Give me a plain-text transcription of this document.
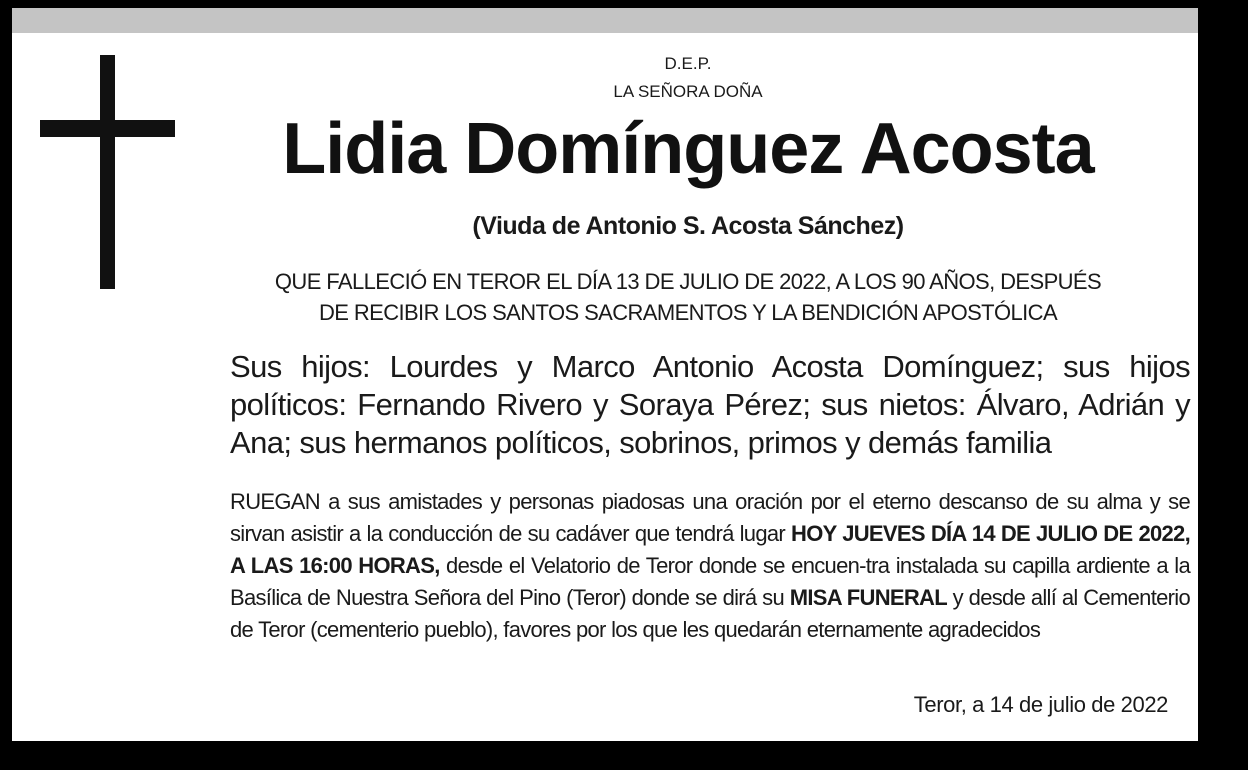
D.E.P.
LA SEÑORA DOÑA
Lidia Domínguez Acosta
(Viuda de Antonio S. Acosta Sánchez)
QUE FALLECIÓ EN TEROR EL DÍA 13 DE JULIO DE 2022, A LOS 90 AÑOS, DESPUÉS
DE RECIBIR LOS SANTOS SACRAMENTOS Y LA BENDICIÓN APOSTÓLICA
Sus hijos: Lourdes y Marco Antonio Acosta Domínguez; sus hijos políticos: Fernando Rivero y Soraya Pérez; sus nietos: Álvaro, Adrián y Ana; sus hermanos políticos, sobrinos, primos y demás familia
RUEGAN a sus amistades y personas piadosas una oración por el eterno descanso de su alma y se sirvan asistir a la conducción de su cadáver que tendrá lugar HOY JUEVES DÍA 14 DE JULIO DE 2022, A LAS 16:00 HORAS, desde el Velatorio de Teror donde se encuen-tra instalada su capilla ardiente a la Basílica de Nuestra Señora del Pino (Teror) donde se dirá su MISA FUNERAL y desde allí al Cementerio de Teror (cementerio pueblo), favores por los que les quedarán eternamente agradecidos
Teror, a 14 de julio de 2022
